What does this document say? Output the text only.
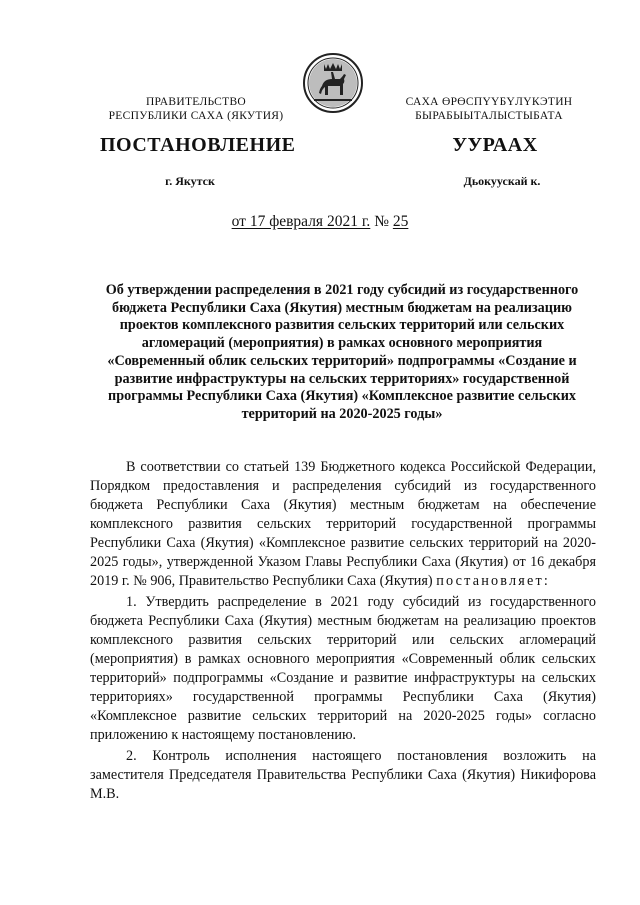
ПРАВИТЕЛЬСТВО
РЕСПУБЛИКИ САХА (ЯКУТИЯ)
САХА ӨРӨСПҮҮБҮЛҮКЭТИН
БЫРАБЫЫТАЛЫСТЫБАТА
ПОСТАНОВЛЕНИЕ	УУРААХ
г. Якутск	Дьокуускай к.
от 17 февраля 2021 г. № 25
Об утверждении распределения в 2021 году субсидий из государственного бюджета Республики Саха (Якутия) местным бюджетам на реализацию проектов комплексного развития сельских территорий или сельских агломераций (мероприятия) в рамках основного мероприятия «Современный облик сельских территорий» подпрограммы «Создание и развитие инфраструктуры на сельских территориях» государственной программы Республики Саха (Якутия) «Комплексное развитие сельских территорий на 2020-2025 годы»

В соответствии со статьей 139 Бюджетного кодекса Российской Федерации, Порядком предоставления и распределения субсидий из государственного бюджета Республики Саха (Якутия) местным бюджетам на обеспечение комплексного развития сельских территорий государственной программы Республики Саха (Якутия) «Комплексное развитие сельских территорий на 2020-2025 годы», утвержденной Указом Главы Республики Саха (Якутия) от 16 декабря 2019 г. № 906, Правительство Республики Саха (Якутия) постановляет:

1. Утвердить распределение в 2021 году субсидий из государственного бюджета Республики Саха (Якутия) местным бюджетам на реализацию проектов комплексного развития сельских территорий или сельских агломераций (мероприятия) в рамках основного мероприятия «Современный облик сельских территорий» подпрограммы «Создание и развитие инфраструктуры на сельских территориях» государственной программы Республики Саха (Якутия) «Комплексное развитие сельских территорий на 2020-2025 годы» согласно приложению к настоящему постановлению.

2. Контроль исполнения настоящего постановления возложить на заместителя Председателя Правительства Республики Саха (Якутия) Никифорова М.В.
